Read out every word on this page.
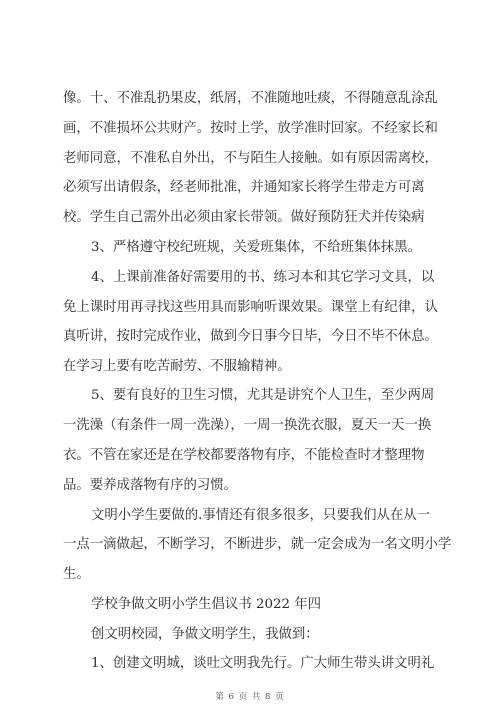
像。十、不准乱扔果皮，纸屑，不准随地吐痰，不得随意乱涂乱
画，不准损坏公共财产。按时上学，放学准时回家。不经家长和
老师同意，不准私自外出，不与陌生人接触。如有原因需离校，
必须写出请假条，经老师批准，并通知家长将学生带走方可离
校。学生自己需外出必须由家长带领。做好预防狂犬并传染病
3、严格遵守校纪班规，关爱班集体，不给班集体抹黑。
4、上课前准备好需要用的书、练习本和其它学习文具，以
免上课时用再寻找这些用具而影响听课效果。课堂上有纪律，认
真听讲，按时完成作业，做到今日事今日毕，今日不毕不休息。
在学习上要有吃苦耐劳、不服输精神。
5、要有良好的卫生习惯，尤其是讲究个人卫生，至少两周
一洗澡（有条件一周一洗澡），一周一换洗衣服，夏天一天一换
衣。不管在家还是在学校都要落物有序，不能检查时才整理物
品。要养成落物有序的习惯。
文明小学生要做的.事情还有很多很多，只要我们从在从一
一点一滴做起，不断学习，不断进步，就一定会成为一名文明小学
生。
学校争做文明小学生倡议书 2022 年四
创文明校园，争做文明学生，我做到：
1、创建文明城，谈吐文明我先行。广大师生带头讲文明礼
第 6 页 共 8 页
